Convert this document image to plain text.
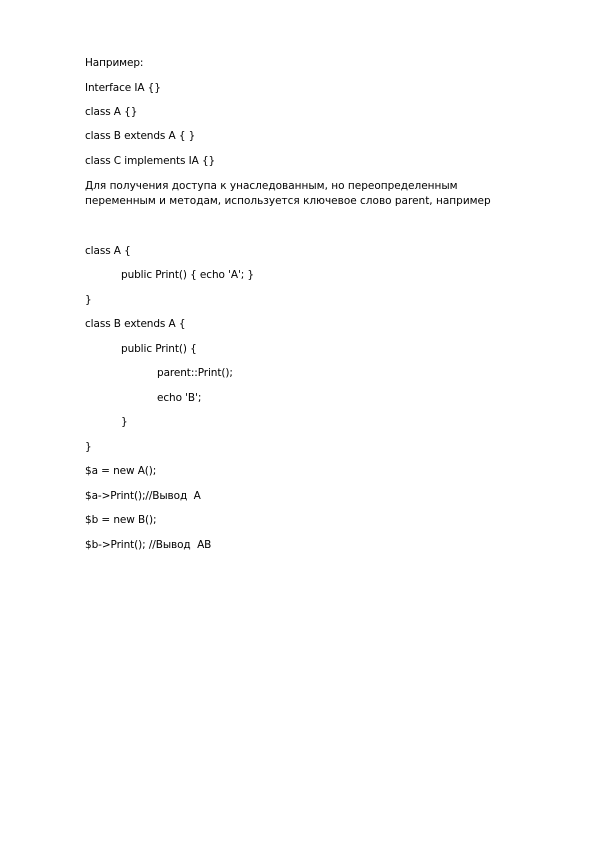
Например:
Interface IA {}
class A {}
class B extends A { }
class C implements IA {}
Для получения доступа к унаследованным, но переопределенным переменным и методам, используется ключевое слово parent, например
class A {
public Print() { echo 'A'; }
}
class B extends A {
public Print() {
parent::Print();
echo 'B';
}
}
$a = new A();
$a->Print();//Вывод  A
$b = new B();
$b->Print(); //Вывод  AB
